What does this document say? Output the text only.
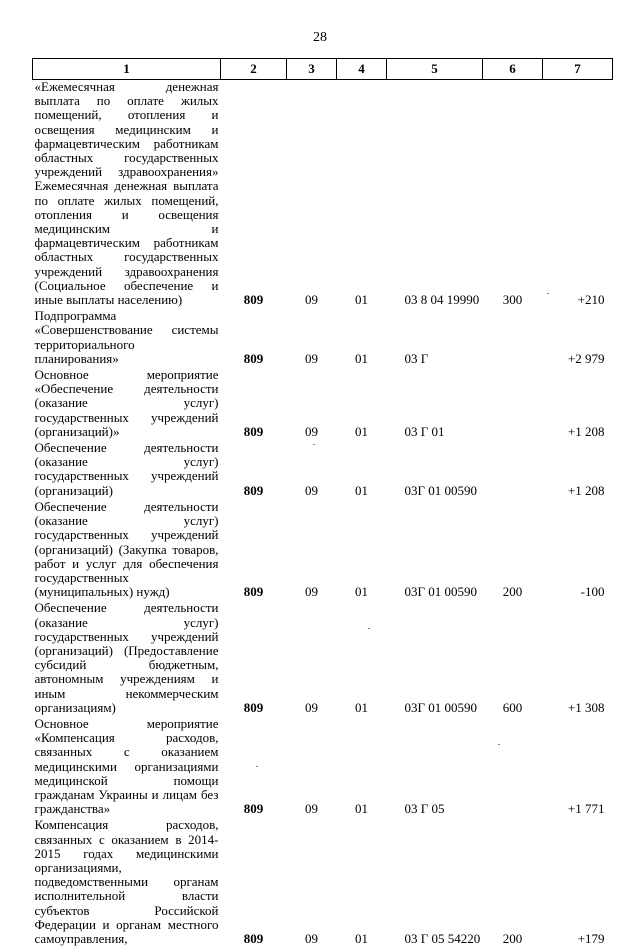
28
1	2	3	4	5	6	7
«Ежемесячная денежная выплата по оплате жилых помещений, отопления и освещения медицинским и фармацевтическим работникам областных государственных учреждений здравоохранения» Ежемесячная денежная выплата по оплате жилых помещений, отопления и освещения медицинским и фармацевтическим работникам областных государственных учреждений здравоохранения (Социальное обеспечение и иные выплаты населению)	809	09	01	03 8 04 19990	300	+210
Подпрограмма «Совершенствование системы территориального планирования»	809	09	01	03 Г		+2 979
Основное мероприятие «Обеспечение деятельности (оказание услуг) государственных учреждений (организаций)»	809	09	01	03 Г 01		+1 208
Обеспечение деятельности (оказание услуг) государственных учреждений (организаций)	809	09	01	03Г 01 00590		+1 208
Обеспечение деятельности (оказание услуг) государственных учреждений (организаций) (Закупка товаров, работ и услуг для обеспечения государственных (муниципальных) нужд)	809	09	01	03Г 01 00590	200	-100
Обеспечение деятельности (оказание услуг) государственных учреждений (организаций) (Предоставление субсидий бюджетным, автономным учреждениям и иным некоммерческим организациям)	809	09	01	03Г 01 00590	600	+1 308
Основное мероприятие «Компенсация расходов, связанных с оказанием медицинскими организациями медицинской помощи гражданам Украины и лицам без гражданства»	809	09	01	03 Г 05		+1 771
Компенсация расходов, связанных с оказанием в 2014-2015 годах медицинскими организациями, подведомственными органам исполнительной власти субъектов Российской Федерации и органам местного самоуправления,	809	09	01	03 Г 05 54220	200	+179
